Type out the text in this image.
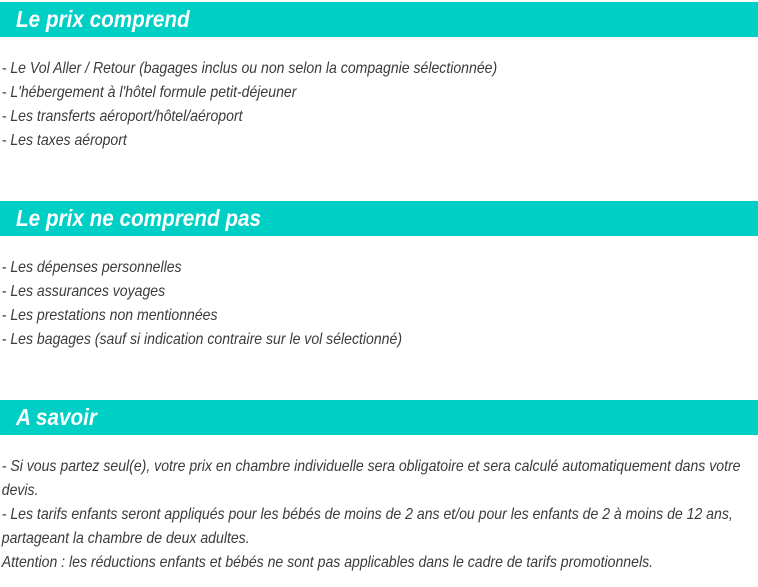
Le prix comprend

- Le Vol Aller / Retour (bagages inclus ou non selon la compagnie sélectionnée)

- L'hébergement à l'hôtel formule petit-déjeuner

- Les transferts aéroport/hôtel/aéroport

- Les taxes aéroport

Le prix ne comprend pas

- Les dépenses personnelles

- Les assurances voyages

- Les prestations non mentionnées

- Les bagages (sauf si indication contraire sur le vol sélectionné)

A savoir

- Si vous partez seul(e), votre prix en chambre individuelle sera obligatoire et sera calculé automatiquement dans votre devis.

- Les tarifs enfants seront appliqués pour les bébés de moins de 2 ans et/ou pour les enfants de 2 à moins de 12 ans, partageant la chambre de deux adultes.

Attention : les réductions enfants et bébés ne sont pas applicables dans le cadre de tarifs promotionnels.
